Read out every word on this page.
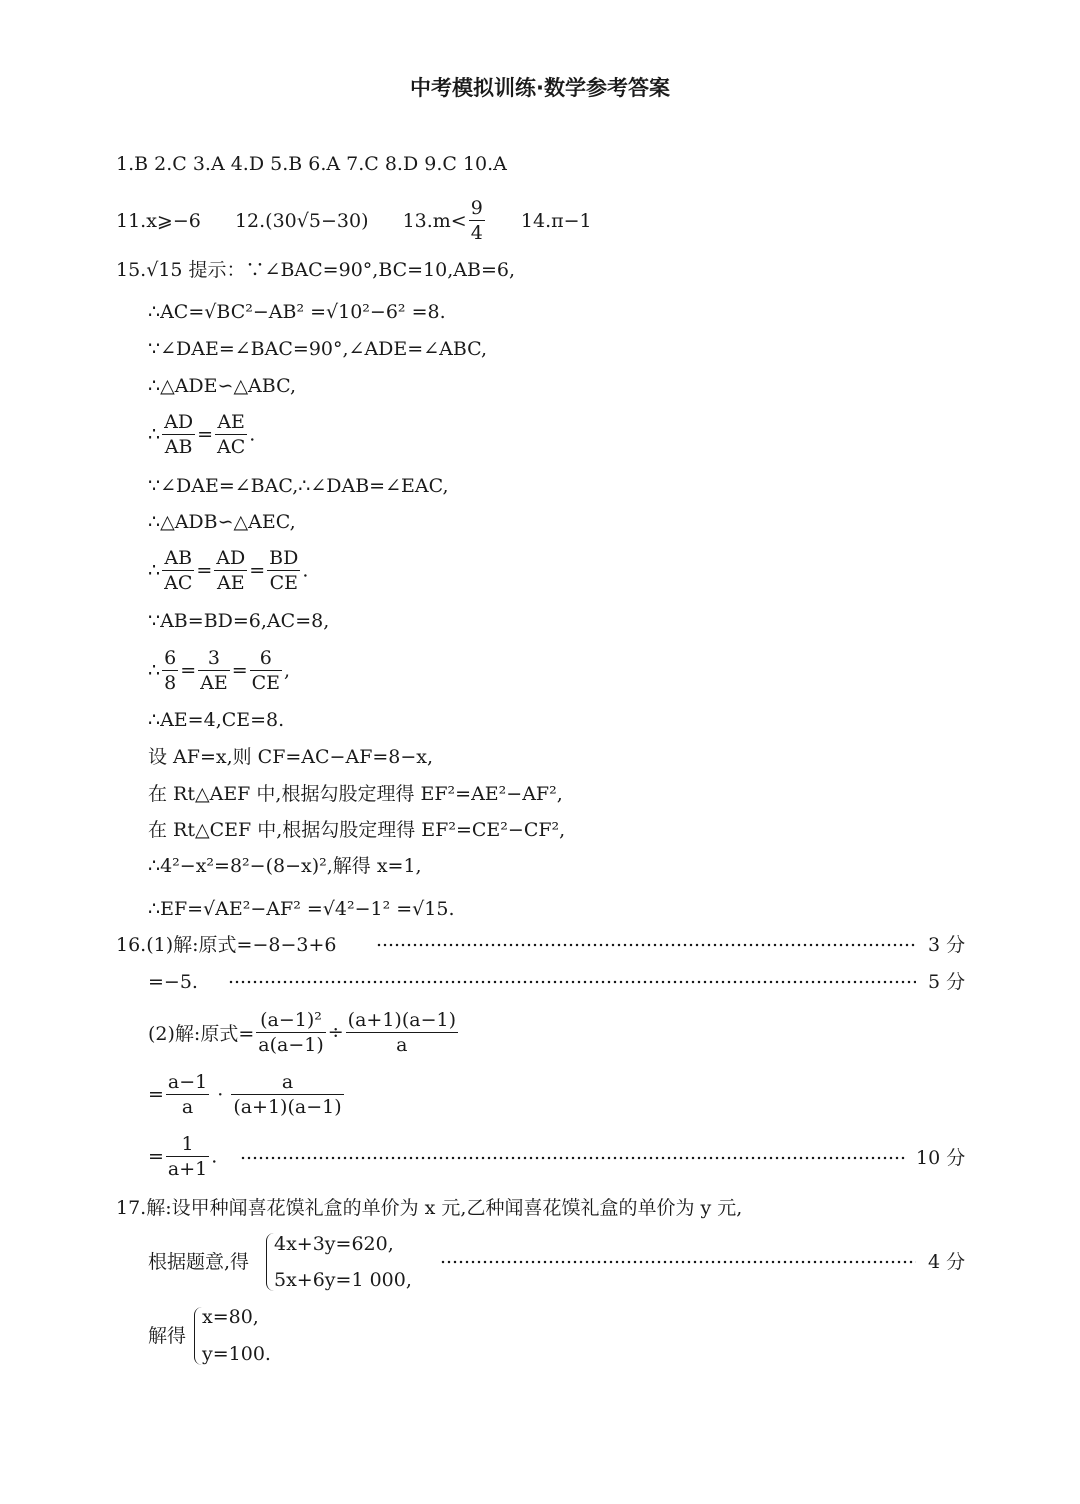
中考模拟训练·数学参考答案
1.B 2.C 3.A 4.D 5.B 6.A 7.C 8.D 9.C 10.A
11.x⩾−6 12.(30√5−30) $13.m< \frac{9}{4} 14.\pi-1$
15.√15 提示：∵∠BAC=90°,BC=10,AB=6,
∴AC=√BC²−AB² =√10²−6² =8.
∵∠DAE=∠BAC=90°,∠ADE=∠ABC,
∴△ADE∽△ABC,
∴ $\frac{AD}{AB} = \frac{AE}{AC}$ .
∵∠DAE=∠BAC,∴∠DAB=∠EAC,
∴△ADB∽△AEC,
∴ $\frac{AB}{AC} = \frac{AD}{AE} = \frac{BD}{CE}$ .
∵AB=BD=6,AC=8,
∴ $\frac{6}{8} = \frac{3}{AE} = \frac{6}{CE}$ ,
∴AE=4,CE=8.
设 AF=x,则 CF=AC−AF=8−x,
在 Rt△AEF 中,根据勾股定理得 EF²=AE²−AF²,
在 Rt△CEF 中,根据勾股定理得 EF²=CE²−CF²,
∴4²−x²=8²−(8−x)²,解得 x=1,
∴EF=√AE²−AF² =√4²−1² =√15.
16.(1)解:原式=−8−3+6	3 分
=−5.	5 分
(2)解:原式= $\frac{\text{(a−1)²}}{a(a-1)} \div \frac{(a+1)(a-1)}{a}$
= $\frac{a-1}{a} \cdot \frac{a}{(a+1)(a-1)}$
= $\frac{1}{a+1}$ .	10 分
17.解:设甲种闻喜花馍礼盒的单价为 x 元,乙种闻喜花馍礼盒的单价为 y 元,
根据题意,得
4x+3y=620,
5x+6y=1 000,
4 分
解得
x=80,
y=100.
